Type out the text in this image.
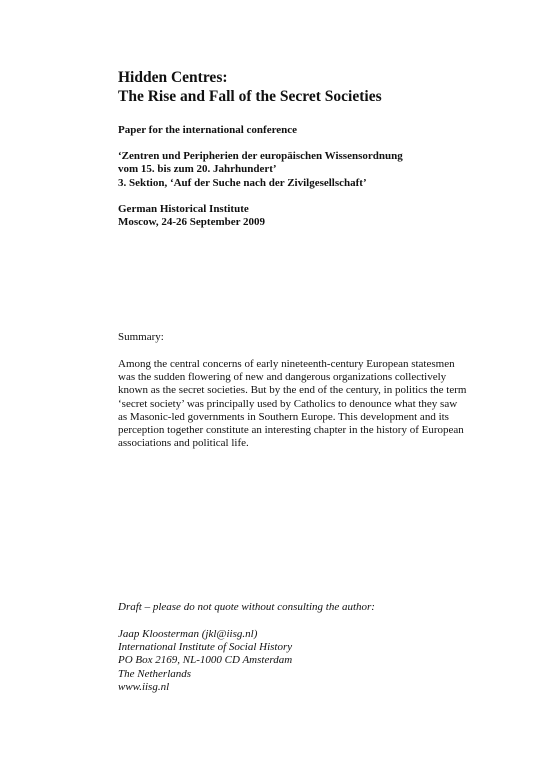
Hidden Centres:
The Rise and Fall of the Secret Societies

Paper for the international conference

‘Zentren und Peripherien der europäischen Wissensordnung
vom 15. bis zum 20. Jahrhundert’
3. Sektion, ‘Auf der Suche nach der Zivilgesellschaft’

German Historical Institute
Moscow, 24-26 September 2009

Summary:

Among the central concerns of early nineteenth-century European statesmen
was the sudden flowering of new and dangerous organizations collectively
known as the secret societies. But by the end of the century, in politics the term
‘secret society’ was principally used by Catholics to denounce what they saw
as Masonic-led governments in Southern Europe. This development and its
perception together constitute an interesting chapter in the history of European
associations and political life.

Draft – please do not quote without consulting the author:

Jaap Kloosterman (jkl@iisg.nl)
International Institute of Social History
PO Box 2169, NL-1000 CD Amsterdam
The Netherlands
www.iisg.nl
